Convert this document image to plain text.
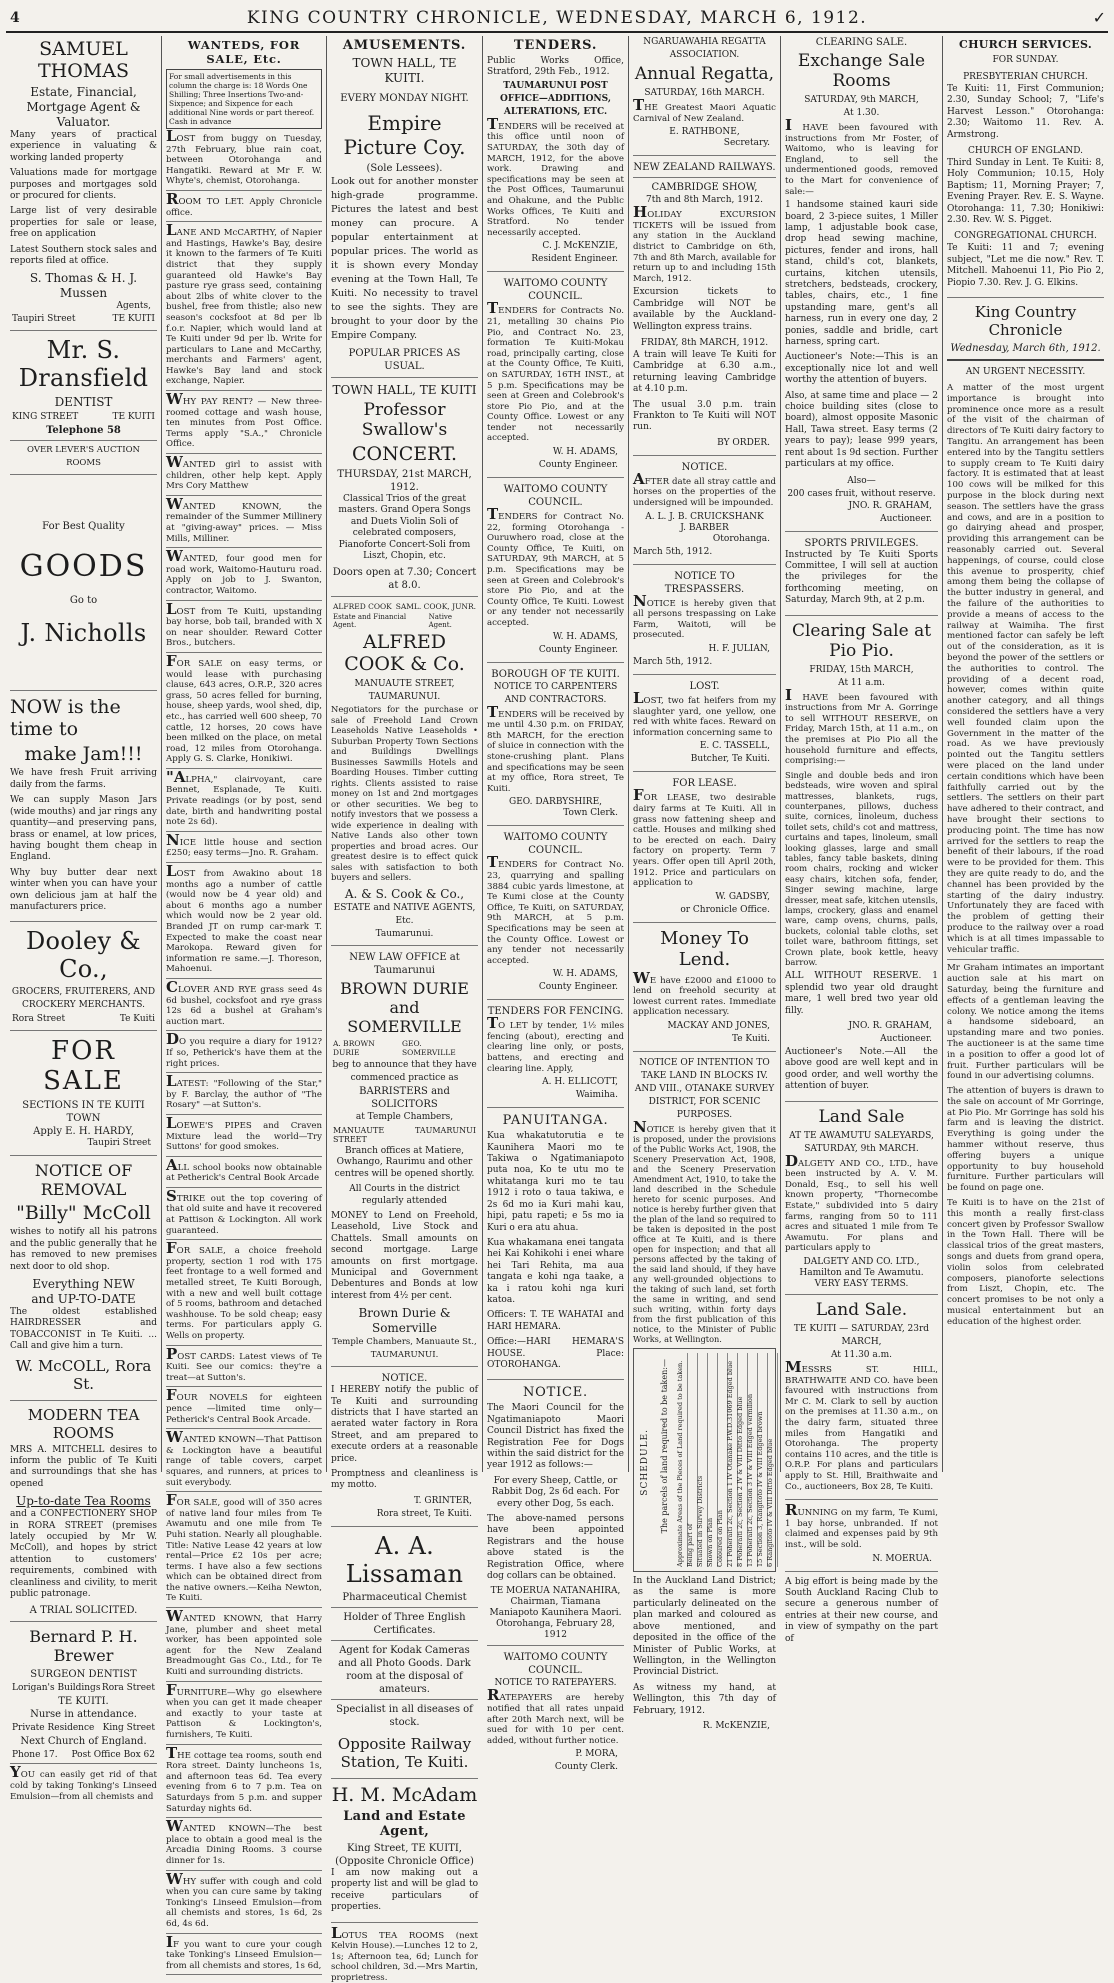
4	KING COUNTRY CHRONICLE, WEDNESDAY, MARCH 6, 1912.	✓
SAMUEL THOMAS
Estate, Financial,
Mortgage Agent &
Valuator.

Many years of practical experience in valuating & working landed property

Valuations made for mortgage purposes and mortgages sold or procured for clients.

Large list of very desirable properties for sale or lease, free on application

Latest Southern stock sales and reports filed at office.

S. Thomas & H. J. Mussen
Agents,
Taupiri Street	TE KUITI
Mr. S. Dransfield
DENTIST
KING STREET	TE KUITI
Telephone 58
OVER LEVER'S AUCTION ROOMS
For Best Quality
GOODS
Go to
J. Nicholls
NOW is the time to
make Jam!!!

We have fresh Fruit arriving daily from the farms.

We can supply Mason Jars (wide mouths) and jar rings any quantity—and preserving pans, brass or enamel, at low prices, having bought them cheap in England.

Why buy butter dear next winter when you can have your own delicious jam at half the manufacturers price.

Dooley & Co.,
GROCERS, FRUITERERS, AND CROCKERY MERCHANTS.
Rora Street	Te Kuiti
FOR SALE
SECTIONS IN TE KUITI TOWN
Apply E. H. HARDY,
Taupiri Street
NOTICE OF REMOVAL
"Billy" McColl

wishes to notify all his patrons and the public generally that he has removed to new premises next door to old shop.

Everything NEW
and UP-TO-DATE

The oldest established HAIRDRESSER and TOBACCONIST in Te Kuiti. ... Call and give him a turn.

W. McCOLL, Rora St.
MODERN TEA ROOMS

MRS A. MITCHELL desires to inform the public of Te Kuiti and surroundings that she has opened

Up-to-date Tea Rooms

and a CONFECTIONERY SHOP in RORA STREET (premises lately occupied by Mr W. McColl), and hopes by strict attention to customers' requirements, combined with cleanliness and civility, to merit public patronage.

A TRIAL SOLICITED.
Bernard P. H. Brewer
SURGEON DENTIST
Lorigan's Buildings Rora Street
TE KUITI.
Nurse in attendance.
Private Residence King Street
Next Church of England.
Phone 17. Post Office Box 62

YOU can easily get rid of that cold by taking Tonking's Linseed Emulsion—from all chemists and

WANTEDS, FOR SALE, Etc.
For small advertisements in this column the charge is: 18 Words One Shilling; Three Insertions Two-and-Sixpence; and Sixpence for each additional Nine words or part thereof. Cash in advance

LOST from buggy on Tuesday, 27th February, blue rain coat, between Otorohanga and Hangatiki. Reward at Mr F. W. Whyte's, chemist, Otorohanga.

ROOM TO LET. Apply Chronicle office.

LANE AND McCARTHY, of Napier and Hastings, Hawke's Bay, desire it known to the farmers of Te Kuiti district that they supply guaranteed old Hawke's Bay pasture rye grass seed, containing about 2lbs of white clover to the bushel, free from thistle; also new season's cocksfoot at 8d per lb f.o.r. Napier, which would land at Te Kuiti under 9d per lb. Write for particulars to Lane and McCarthy, merchants and Farmers' agent, Hawke's Bay land and stock exchange, Napier.

WHY PAY RENT? — New three-roomed cottage and wash house, ten minutes from Post Office. Terms apply "S.A.," Chronicle Office.

WANTED girl to assist with children, other help kept. Apply Mrs Cory Matthew

WANTED KNOWN, the remainder of the Summer Millinery at "giving-away" prices. — Miss Mills, Milliner.

WANTED, four good men for road work, Waitomo-Hauturu road. Apply on job to J. Swanton, contractor, Waitomo.

LOST from Te Kuiti, upstanding bay horse, bob tail, branded with X on near shoulder. Reward Cotter Bros., butchers.

FOR SALE on easy terms, or would lease with purchasing clause, 643 acres, O.R.P., 320 acres grass, 50 acres felled for burning, house, sheep yards, wool shed, dip, etc., has carried well 600 sheep, 70 cattle, 12 horses, 20 cows have been milked on the place, on metal road, 12 miles from Otorohanga. Apply G. S. Clarke, Honikiwi.

"ALPHA," clairvoyant, care Bennet, Esplanade, Te Kuiti. Private readings (or by post, send date, birth and handwriting postal note 2s 6d).

NICE little house and section £250; easy terms—Jno. R. Graham.

LOST from Awakino about 18 months ago a number of cattle (would now be 4 year old) and about 6 months ago a number which would now be 2 year old. Branded JT on rump car-mark T. Expected to make the coast near Marokopa. Reward given for information re same.—J. Thoreson, Mahoenui.

CLOVER AND RYE grass seed 4s 6d bushel, cocksfoot and rye grass 12s 6d a bushel at Graham's auction mart.

DO you require a diary for 1912? If so, Petherick's have them at the right prices.

LATEST: "Following of the Star," by F. Barclay, the author of "The Rosary" —at Sutton's.

LOEWE'S PIPES and Craven Mixture lead the world—Try Suttons' for good smokes.

ALL school books now obtainable at Petherick's Central Book Arcade

STRIKE out the top covering of that old suite and have it recovered at Pattison & Lockington. All work guaranteed.

FOR SALE, a choice freehold property, section 1 rod with 175 feet frontage to a well formed and metalled street, Te Kuiti Borough, with a new and well built cottage of 5 rooms, bathroom and detached washhouse. To be sold cheap; easy terms. For particulars apply G. Wells on property.

POST CARDS: Latest views of Te Kuiti. See our comics: they're a treat—at Sutton's.

FOUR NOVELS for eighteen pence —limited time only—Petherick's Central Book Arcade.

WANTED KNOWN—That Pattison & Lockington have a beautiful range of table covers, carpet squares, and runners, at prices to suit everybody.

FOR SALE, good will of 350 acres of native land four miles from Te Awamutu and one mile from Te Puhi station. Nearly all ploughable. Title: Native Lease 42 years at low rental—Price £2 10s per acre; terms. I have also a few sections which can be obtained direct from the native owners.—Keiha Newton, Te Kuiti.

WANTED KNOWN, that Harry Jane, plumber and sheet metal worker, has been appointed sole agent for the New Zealand Breadmought Gas Co., Ltd., for Te Kuiti and surrounding districts.

FURNITURE—Why go elsewhere when you can get it made cheaper and exactly to your taste at Pattison & Lockington's, furnishers, Te Kuiti.

THE cottage tea rooms, south end Rora street. Dainty luncheons 1s, and afternoon teas 6d. Tea every evening from 6 to 7 p.m. Tea on Saturdays from 5 p.m. and supper Saturday nights 6d.

WANTED KNOWN—The best place to obtain a good meal is the Arcadia Dining Rooms. 3 course dinner for 1s.

WHY suffer with cough and cold when you can cure same by taking Tonking's Linseed Emulsion—from all chemists and stores, 1s 6d, 2s 6d, 4s 6d.

IF you want to cure your cough take Tonking's Linseed Emulsion—from all chemists and stores, 1s 6d,

AMUSEMENTS.
TOWN HALL, TE KUITI.
EVERY MONDAY NIGHT.
Empire Picture Coy.
(Sole Lessees).

Look out for another monster high-grade programme. Pictures the latest and best money can procure. A popular entertainment at popular prices. The world as it is shown every Monday evening at the Town Hall, Te Kuiti. No necessity to travel to see the sights. They are brought to your door by the Empire Company.

POPULAR PRICES AS USUAL.
TOWN HALL, TE KUITI
Professor Swallow's
CONCERT.
THURSDAY, 21st MARCH, 1912.

Classical Trios of the great masters. Grand Opera Songs and Duets Violin Soli of celebrated composers, Pianoforte Concert-Soli from Liszt, Chopin, etc.

Doors open at 7.30; Concert at 8.0.
ALFRED COOK SAML. COOK, JUNR.
Estate and Financial Agent.
Native Agent.
ALFRED COOK & Co.
MANUAUTE STREET, TAUMARUNUI.

Negotiators for the purchase or sale of Freehold Land Crown Leaseholds Native Leaseholds • Suburban Property Town Sections and Buildings Dwellings Businesses Sawmills Hotels and Boarding Houses. Timber cutting rights. Clients assisted to raise money on 1st and 2nd mortgages or other securities. We beg to notify investors that we possess a wide experience in dealing with Native Lands also other town properties and broad acres. Our greatest desire is to effect quick sales with satisfaction to both buyers and sellers.

A. & S. Cook & Co.,
ESTATE and NATIVE AGENTS, Etc.
Taumarunui.
NEW LAW OFFICE at Taumarunui
BROWN DURIE and SOMERVILLE
A. BROWN DURIE
GEO. SOMERVILLE
beg to announce that they have commenced practice as
BARRISTERS and SOLICITORS
at Temple Chambers,
MANUAUTE STREET
TAUMARUNUI

Branch offices at Matiere, Owhango, Raurimu and other centres will be opened shortly.

All Courts in the district regularly attended

MONEY to Lend on Freehold, Leasehold, Live Stock and Chattels. Small amounts on second mortgage. Large amounts on first mortgage. Municipal and Government Debentures and Bonds at low interest from 4½ per cent.

Brown Durie & Somerville
Temple Chambers, Manuaute St., TAUMARUNUI.
NOTICE.

I HEREBY notify the public of Te Kuiti and surrounding districts that I have started an aerated water factory in Rora Street, and am prepared to execute orders at a reasonable price.

Promptness and cleanliness is my motto.

T. GRINTER,
Rora street, Te Kuiti.
A. A. Lissaman
Pharmaceutical Chemist
Holder of Three English Certificates.
Agent for Kodak Cameras and all Photo Goods. Dark room at the disposal of amateurs.
Specialist in all diseases of stock.
Opposite Railway Station, Te Kuiti.
H. M. McAdam
Land and Estate Agent,
King Street, TE KUITI,
(Opposite Chronicle Office)

I am now making out a property list and will be glad to receive particulars of properties.

LOTUS TEA ROOMS (next Kelvin House).—Lunches 12 to 2, 1s; Afternoon tea, 6d; Lunch for school children, 3d.—Mrs Martin, proprietress.

TENDERS.

Public Works Office, Stratford, 29th Feb., 1912.

TAUMARUNUI POST OFFICE—ADDITIONS, ALTERATIONS, ETC.

TENDERS will be received at this office until noon of SATURDAY, the 30th day of MARCH, 1912, for the above work. Drawing and specifications may be seen at the Post Offices, Taumarunui and Ohakune, and the Public Works Offices, Te Kuiti and Stratford. No tender necessarily accepted.

C. J. McKENZIE,
Resident Engineer.
WAITOMO COUNTY COUNCIL.

TENDERS for Contracts No. 21, metalling 30 chains Pio Pio, and Contract No. 23, formation Te Kuiti-Mokau road, principally carting, close at the County Office, Te Kuiti, on SATURDAY, 16TH INST., at 5 p.m. Specifications may be seen at Green and Colebrook's store Pio Pio, and at the County Office. Lowest or any tender not necessarily accepted.

W. H. ADAMS,
County Engineer.
WAITOMO COUNTY COUNCIL.

TENDERS for Contract No. 22, forming Otorohanga - Ouruwhero road, close at the County Office, Te Kuiti, on SATURDAY, 9th MARCH, at 5 p.m. Specifications may be seen at Green and Colebrook's store Pio Pio, and at the County Office, Te Kuiti. Lowest or any tender not necessarily accepted.

W. H. ADAMS,
County Engineer.
BOROUGH OF TE KUITI.
NOTICE TO CARPENTERS AND CONTRACTORS.

TENDERS will be received by me until 4.30 p.m. on FRIDAY, 8th MARCH, for the erection of sluice in connection with the stone-crushing plant. Plans and specifications may be seen at my office, Rora street, Te Kuiti.

GEO. DARBYSHIRE,
Town Clerk.
WAITOMO COUNTY COUNCIL.

TENDERS for Contract No. 23, quarrying and spalling 3884 cubic yards limestone, at Te Kumi close at the County Office, Te Kuiti, on SATURDAY, 9th MARCH, at 5 p.m. Specifications may be seen at the County Office. Lowest or any tender not necessarily accepted.

W. H. ADAMS,
County Engineer.
TENDERS FOR FENCING.

TO LET by tender, 1½ miles fencing (about), erecting and clearing line only, or posts, battens, and erecting and clearing line. Apply,

A. H. ELLICOTT,
Waimiha.
PANUITANGA.

Kua whakatutorutia e te Kaunihera Maori mo te Takiwa o Ngatimaniapoto puta noa, Ko te utu mo te whitatanga kuri mo te tau 1912 i roto o taua takiwa, e 2s 6d mo ia Kuri mahi kau, hipi, patu rapeti; e 5s mo ia Kuri o era atu ahua.

Kua whakamana enei tangata hei Kai Kohikohi i enei whare hei Tari Rehita, ma aua tangata e kohi nga taake, a ka i ratou kohi nga kuri katoa.

Officers: T. TE WAHATAI and HARI HEMARA.

Office:—HARI HEMARA'S HOUSE. Place: OTOROHANGA.

NOTICE.

The Maori Council for the Ngatimaniapoto Maori Council District has fixed the Registration Fee for Dogs within the said district for the year 1912 as follows:—

For every Sheep, Cattle, or Rabbit Dog, 2s 6d each. For every other Dog, 5s each.

The above-named persons have been appointed Registrars and the house above stated is the Registration Office, where dog collars can be obtained.

TE MOERUA NATANAHIRA,
Chairman, Tiamana Maniapoto Kaunihera Maori.
Otorohanga, February 28, 1912
WAITOMO COUNTY COUNCIL.
NOTICE TO RATEPAYERS.

RATEPAYERS are hereby notified that all rates unpaid after 20th March next, will be sued for with 10 per cent. added, without further notice.

P. MORA,
County Clerk.
NGARUAWAHIA REGATTA ASSOCIATION.
Annual Regatta,
SATURDAY, 16th MARCH.

THE Greatest Maori Aquatic Carnival of New Zealand.

E. RATHBONE,
Secretary.
NEW ZEALAND RAILWAYS.
CAMBRIDGE SHOW,
7th and 8th March, 1912.

HOLIDAY EXCURSION TICKETS will be issued from any station in the Auckland district to Cambridge on 6th, 7th and 8th March, available for return up to and including 15th March, 1912.

Excursion tickets to Cambridge will NOT be available by the Auckland-Wellington express trains.

FRIDAY, 8th MARCH, 1912.

A train will leave Te Kuiti for Cambridge at 6.30 a.m., returning leaving Cambridge at 4.10 p.m.

The usual 3.0 p.m. train Frankton to Te Kuiti will NOT run.

BY ORDER.
NOTICE.

AFTER date all stray cattle and horses on the properties of the undersigned will be impounded.

A. L. J. B. CRUICKSHANK
J. BARBER
Otorohanga.
March 5th, 1912.
NOTICE TO TRESPASSERS.

NOTICE is hereby given that all persons trespassing on Lake Farm, Waitoti, will be prosecuted.

H. F. JULIAN,
March 5th, 1912.
LOST.

LOST, two fat heifers from my slaughter yard, one yellow, one red with white faces. Reward on information concerning same to

E. C. TASSELL,
Butcher, Te Kuiti.
FOR LEASE.

FOR LEASE, two desirable dairy farms at Te Kuiti. All in grass now fattening sheep and cattle. Houses and milking shed to be erected on each. Dairy factory on property. Term 7 years. Offer open till April 20th, 1912. Price and particulars on application to

W. GADSBY,
or Chronicle Office.
Money To Lend.

WE have £2000 and £1000 to lend on freehold security at lowest current rates. Immediate application necessary.

MACKAY AND JONES,
Te Kuiti.
NOTICE OF INTENTION TO TAKE LAND IN BLOCKS IV. AND VIII., OTANAKE SURVEY DISTRICT, FOR SCENIC PURPOSES.

NOTICE is hereby given that it is proposed, under the provisions of the Public Works Act, 1908, the Scenery Preservation Act, 1908, and the Scenery Preservation Amendment Act, 1910, to take the land described in the Schedule hereto for scenic purposes. And notice is hereby further given that the plan of the land so required to be taken is deposited in the post office at Te Kuiti, and is there open for inspection; and that all persons affected by the taking of the said land should, if they have any well-grounded objections to the taking of such land, set forth the same in writing, and send such writing, within forty days from the first publication of this notice, to the Minister of Public Works, at Wellington.

SCHEDULE.	The parcels of land required to be taken:—	Approximate Areas of the Pieces of Land required to be taken. Being part of Situated in Survey Districts Shown on Plan Coloured on Plan 21 Poheraiti 2c, Section 1 IV Otanake P.W.D.31069 Edged blue 8 Poheraiti 2c, Section 2 IV & VIII Ditto Edged blue 13 Poheraiti 2c, Section 3 IV & VIII Edged vermilion 15 Section 3, Rangitoto IV & VIII Edged brown 6 Rangitoto IV & VIII Ditto Edged blue

In the Auckland Land District; as the same is more particularly delineated on the plan marked and coloured as above mentioned, and deposited in the office of the Minister of Public Works, at Wellington, in the Wellington Provincial District.

As witness my hand, at Wellington, this 7th day of February, 1912.

R. McKENZIE,
CLEARING SALE.
Exchange Sale Rooms
SATURDAY, 9th MARCH,
At 1.30.

I HAVE been favoured with instructions from Mr Foster, of Waitomo, who is leaving for England, to sell the undermentioned goods, removed to the Mart for convenience of sale:—

1 handsome stained kauri side board, 2 3-piece suites, 1 Miller lamp, 1 adjustable book case, drop head sewing machine, pictures, fender and irons, hall stand, child's cot, blankets, curtains, kitchen utensils, stretchers, bedsteads, crockery, tables, chairs, etc., 1 fine upstanding mare, gent's all harness, run in every one day, 2 ponies, saddle and bridle, cart harness, spring cart.

Auctioneer's Note:—This is an exceptionally nice lot and well worthy the attention of buyers.

Also, at same time and place — 2 choice building sites (close to board), almost opposite Masonic Hall, Tawa street. Easy terms (2 years to pay); lease 999 years, rent about 1s 9d section. Further particulars at my office.

Also—
200 cases fruit, without reserve.
JNO. R. GRAHAM,
Auctioneer.
SPORTS PRIVILEGES.

Instructed by Te Kuiti Sports Committee, I will sell at auction the privileges for the forthcoming meeting, on Saturday, March 9th, at 2 p.m.

Clearing Sale at Pio Pio.
FRIDAY, 15th MARCH,
At 11 a.m.

I HAVE been favoured with instructions from Mr A. Gorringe to sell WITHOUT RESERVE, on Friday, March 15th, at 11 a.m., on the premises at Pio Pio all the household furniture and effects, comprising:—

Single and double beds and iron bedsteads, wire woven and spiral mattresses, blankets, rugs, counterpanes, pillows, duchess suite, cornices, linoleum, duchess toilet sets, child's cot and mattress, curtains and tapes, linoleum, small looking glasses, large and small tables, fancy table baskets, dining room chairs, rocking and wicker easy chairs, kitchen sofa, fender, Singer sewing machine, large dresser, meat safe, kitchen utensils, lamps, crockery, glass and enamel ware, camp ovens, churns, pails, buckets, colonial table cloths, set toilet ware, bathroom fittings, set Crown plate, book kettle, heavy barrow.

ALL WITHOUT RESERVE. 1 splendid two year old draught mare, 1 well bred two year old filly.

JNO. R. GRAHAM,
Auctioneer.

Auctioneer's Note.—All the above good are well kept and in good order, and well worthy the attention of buyer.

Land Sale
AT TE AWAMUTU SALEYARDS,
SATURDAY, 9th MARCH.

DALGETY AND CO., LTD., have been instructed by A. V. M. Donald, Esq., to sell his well known property, "Thornecombe Estate," subdivided into 5 dairy farms, ranging from 50 to 111 acres and situated 1 mile from Te Awamutu. For plans and particulars apply to

DALGETY AND CO. LTD.,
Hamilton and Te Awamutu.
VERY EASY TERMS.
Land Sale.
TE KUITI — SATURDAY, 23rd MARCH,
At 11.30 a.m.

MESSRS ST. HILL, BRATHWAITE AND CO. have been favoured with instructions from Mr C. M. Clark to sell by auction on the premises at 11.30 a.m., on the dairy farm, situated three miles from Hangatiki and Otorohanga. The property contains 110 acres, and the title is O.R.P. For plans and particulars apply to St. Hill, Braithwaite and Co., auctioneers, Box 28, Te Kuiti.

RUNNING on my farm, Te Kumi, 1 bay horse, unbranded. If not claimed and expenses paid by 9th inst., will be sold.

N. MOERUA.

A big effort is being made by the South Auckland Racing Club to secure a generous number of entries at their new course, and in view of sympathy on the part of

CHURCH SERVICES.
FOR SUNDAY.
PRESBYTERIAN CHURCH.

Te Kuiti: 11, First Communion; 2.30, Sunday School; 7, "Life's Harvest Lesson." Otorohanga: 2.30; Waitomo 11. Rev. A. Armstrong.

CHURCH OF ENGLAND.

Third Sunday in Lent. Te Kuiti: 8, Holy Communion; 10.15, Holy Baptism; 11, Morning Prayer; 7, Evening Prayer. Rev. E. S. Wayne. Otorohanga: 11, 7.30; Honikiwi: 2.30. Rev. W. S. Pigget.

CONGREGATIONAL CHURCH.

Te Kuiti: 11 and 7; evening subject, "Let me die now." Rev. T. Mitchell. Mahoenui 11, Pio Pio 2, Piopio 7.30. Rev. J. G. Elkins.

King Country Chronicle
Wednesday, March 6th, 1912.
AN URGENT NECESSITY.

A matter of the most urgent importance is brought into prominence once more as a result of the visit of the chairman of directors of Te Kuiti dairy factory to Tangitu. An arrangement has been entered into by the Tangitu settlers to supply cream to Te Kuiti dairy factory. It is estimated that at least 100 cows will be milked for this purpose in the block during next season. The settlers have the grass and cows, and are in a position to go dairying ahead and prosper, providing this arrangement can be reasonably carried out. Several happenings, of course, could close this avenue to prosperity, chief among them being the collapse of the butter industry in general, and the failure of the authorities to provide a means of access to the railway at Waimiha. The first mentioned factor can safely be left out of the consideration, as it is beyond the power of the settlers or the authorities to control. The providing of a decent road, however, comes within quite another category, and all things considered the settlers have a very well founded claim upon the Government in the matter of the road. As we have previously pointed out the Tangitu settlers were placed on the land under certain conditions which have been faithfully carried out by the settlers. The settlers on their part have adhered to their contract, and have brought their sections to producing point. The time has now arrived for the settlers to reap the benefit of their labours, if the road were to be provided for them. This they are quite ready to do, and the channel has been provided by the starting of the dairy industry. Unfortunately they are faced with the problem of getting their produce to the railway over a road which is at all times impassable to vehicular traffic.

Mr Graham intimates an important auction sale at his mart on Saturday, being the furniture and effects of a gentleman leaving the colony. We notice among the items a handsome sideboard, an upstanding mare and two ponies. The auctioneer is at the same time in a position to offer a good lot of fruit. Further particulars will be found in our advertising columns.

The attention of buyers is drawn to the sale on account of Mr Gorringe, at Pio Pio. Mr Gorringe has sold his farm and is leaving the district. Everything is going under the hammer without reserve, thus offering buyers a unique opportunity to buy household furniture. Further particulars will be found on page one.

Te Kuiti is to have on the 21st of this month a really first-class concert given by Professor Swallow in the Town Hall. There will be classical trios of the great masters, songs and duets from grand opera, violin solos from celebrated composers, pianoforte selections from Liszt, Chopin, etc. The concert promises to be not only a musical entertainment but an education of the highest order.
